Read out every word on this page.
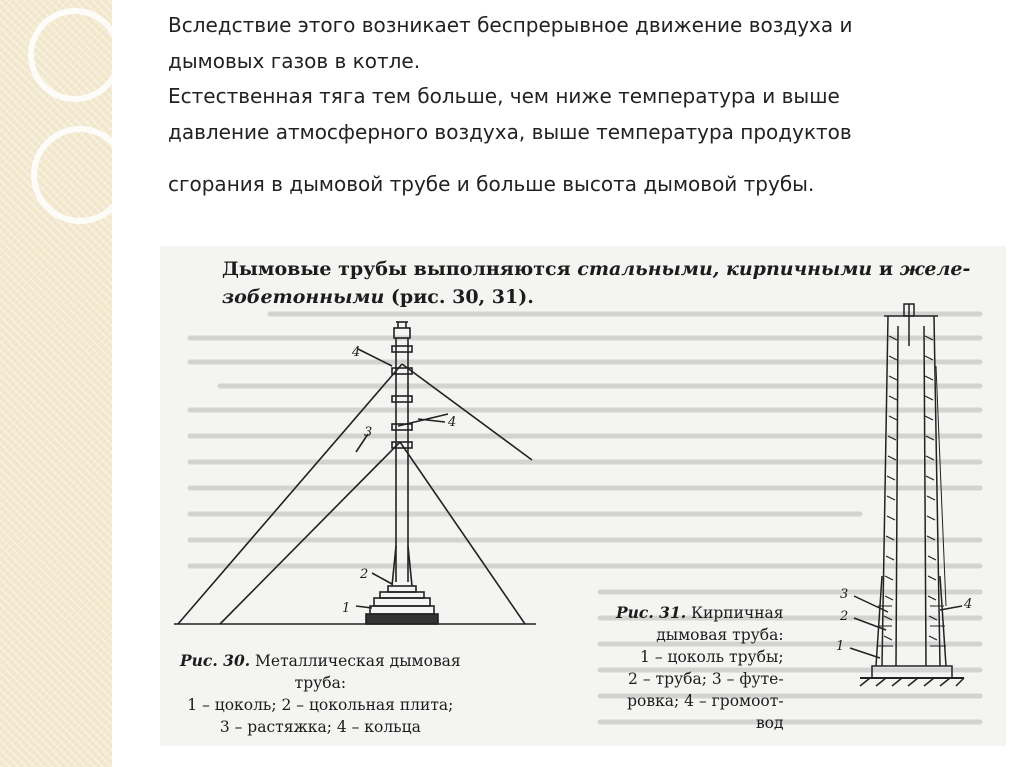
Вследствие этого возникает беспрерывное движение воздуха и

дымовых газов в котле.

Естественная тяга тем больше, чем ниже температура и выше

давление атмосферного воздуха, выше температура продуктов

сгорания в дымовой трубе и больше высота дымовой трубы.

Дымовые трубы выполняются стальными, кирпичными и желе-
зобетонными (рис. 30, 31).
4
3
4
2
1
3
2
1
4
Рис. 30. Металлическая дымовая
труба:
1 – цоколь; 2 – цокольная плита;
3 – растяжка; 4 – кольца
Рис. 31. Кирпичная
дымовая труба:
1 – цоколь трубы;
2 – труба; 3 – футе-
ровка; 4 – громоот-
вод
